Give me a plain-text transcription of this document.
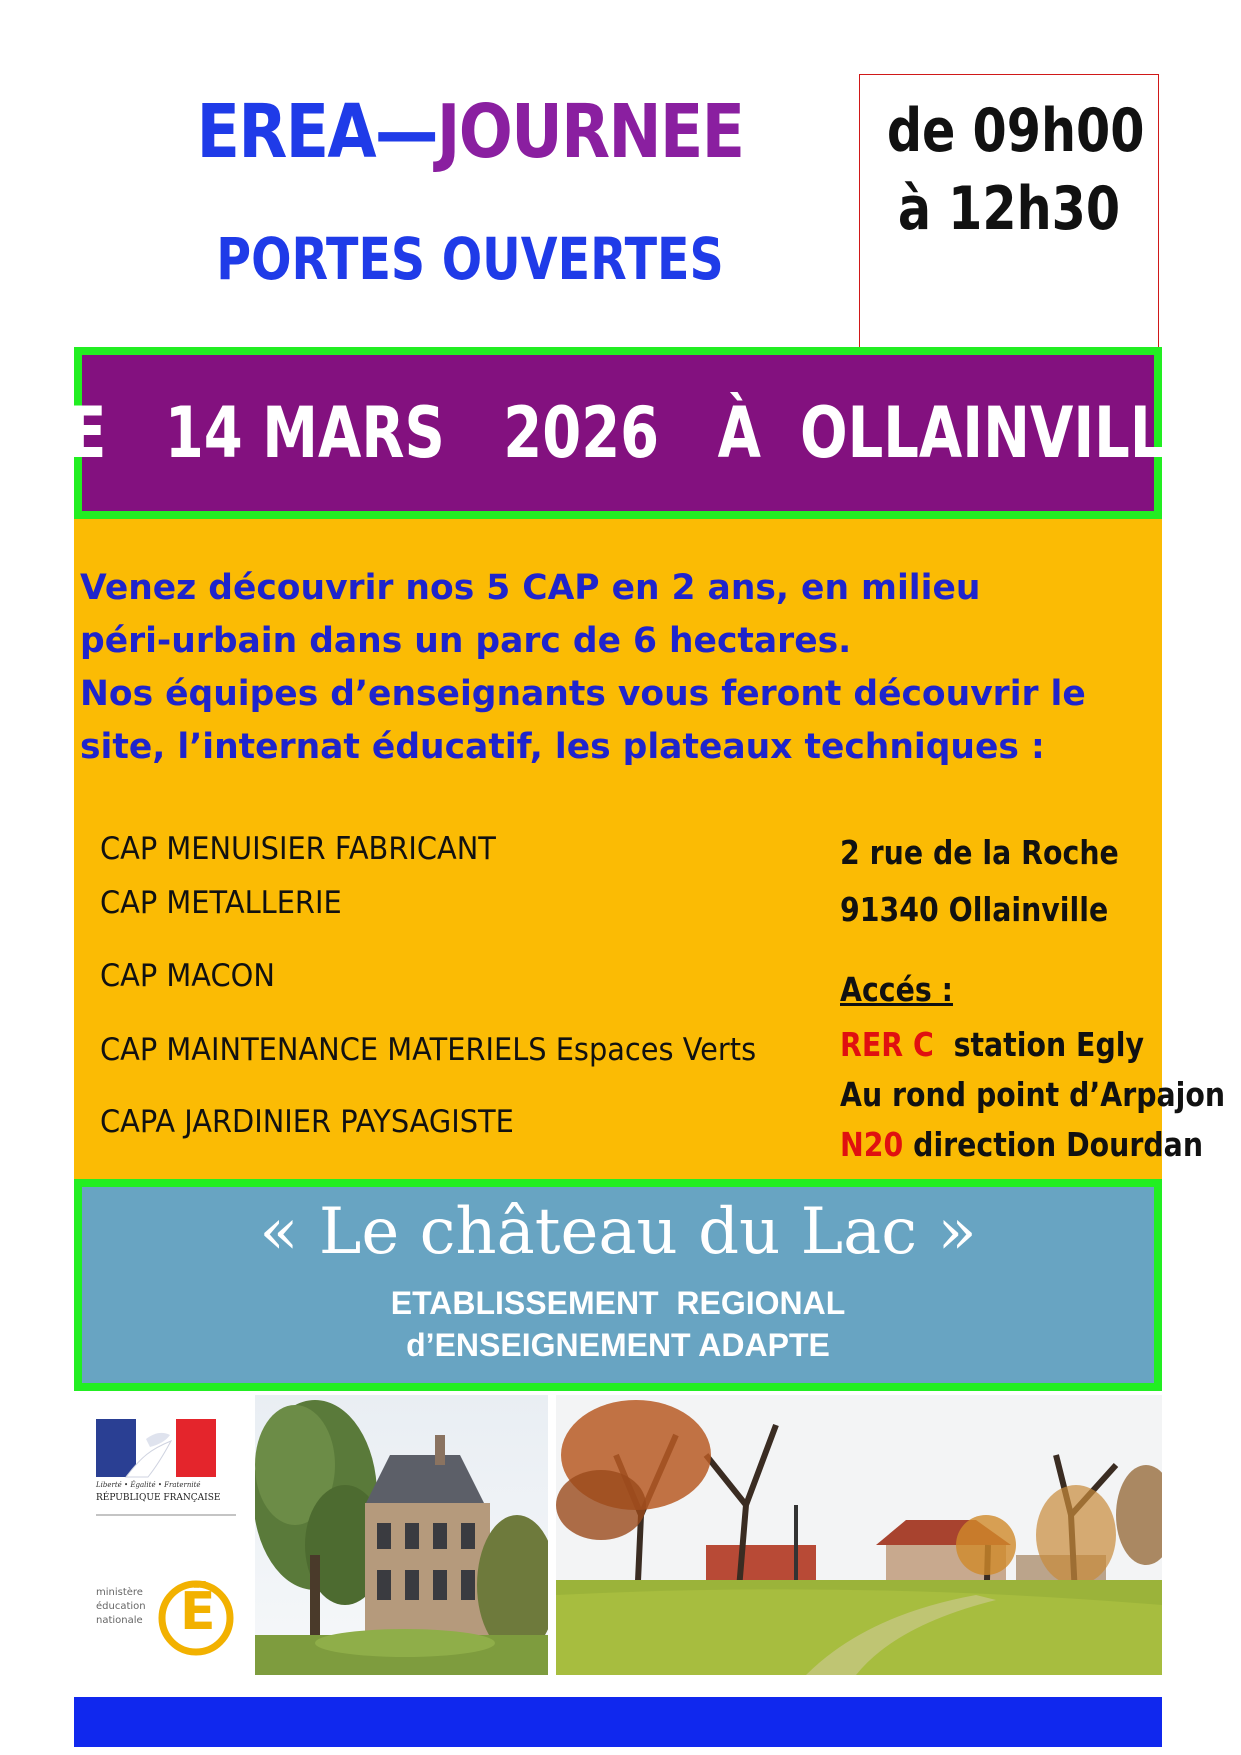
EREA—JOURNEE
PORTES OUVERTES
de 09h00
à 12h30
LE   14 MARS   2026   À  OLLAINVILLE
Venez découvrir nos 5 CAP en 2 ans, en milieu
péri-urbain dans un parc de 6 hectares.
Nos équipes d’enseignants vous feront découvrir le
site, l’internat éducatif, les plateaux techniques :
CAP MENUISIER FABRICANT
CAP METALLERIE
CAP MACON
CAP MAINTENANCE MATERIELS Espaces Verts
CAPA JARDINIER PAYSAGISTE
2 rue de la Roche
91340 Ollainville
Accés :
RER C  station Egly
Au rond point d’Arpajon
N20 direction Dourdan
« Le château du Lac »
ETABLISSEMENT  REGIONAL
d’ENSEIGNEMENT ADAPTE
Liberté • Égalité • Fraternité
RÉPUBLIQUE FRANÇAISE
ministère
éducation
nationale É
